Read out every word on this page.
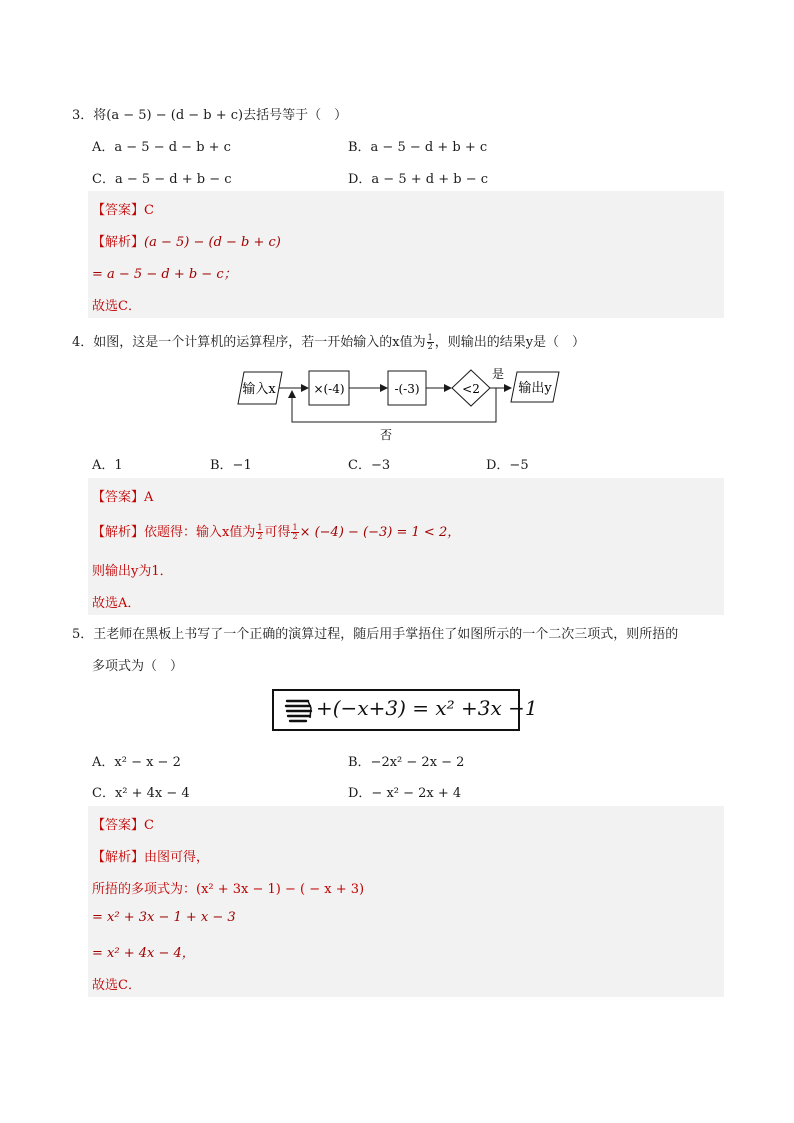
3．将(a − 5) − (d − b + c)去括号等于（　）
A．a − 5 − d − b + c	B．a − 5 − d + b + c
C．a − 5 − d + b − c	D．a − 5 + d + b − c
【答案】C
【解析】(a − 5) − (d − b + c)
= a − 5 − d + b − c；
故选C．
4．如图，这是一个计算机的运算程序，若一开始输入的x值为 $\frac{1}{2}$ ，则输出的结果y是（　）
输入x	×(-4)	-(-3)	<2
是
输出y
否
A．1	B．−1	C．−3	D．−5
【答案】A
【解析】依题得：输入x值为 $\frac{1}{2}$ 可得 $\frac{1}{2} \times (-4) - (-3) = 1 < 2$，
则输出y为1．
故选A．
5．王老师在黑板上书写了一个正确的演算过程，随后用手掌捂住了如图所示的一个二次三项式，则所捂的
多项式为（　）
+(−x+3) = x² +3x −1
A．x² − x − 2	B．−2x² − 2x − 2
C．x² + 4x − 4	D．− x² − 2x + 4
【答案】C
【解析】由图可得，
所捂的多项式为：(x² + 3x − 1) − ( − x + 3)
= x² + 3x − 1 + x − 3
= x² + 4x − 4，
故选C．
